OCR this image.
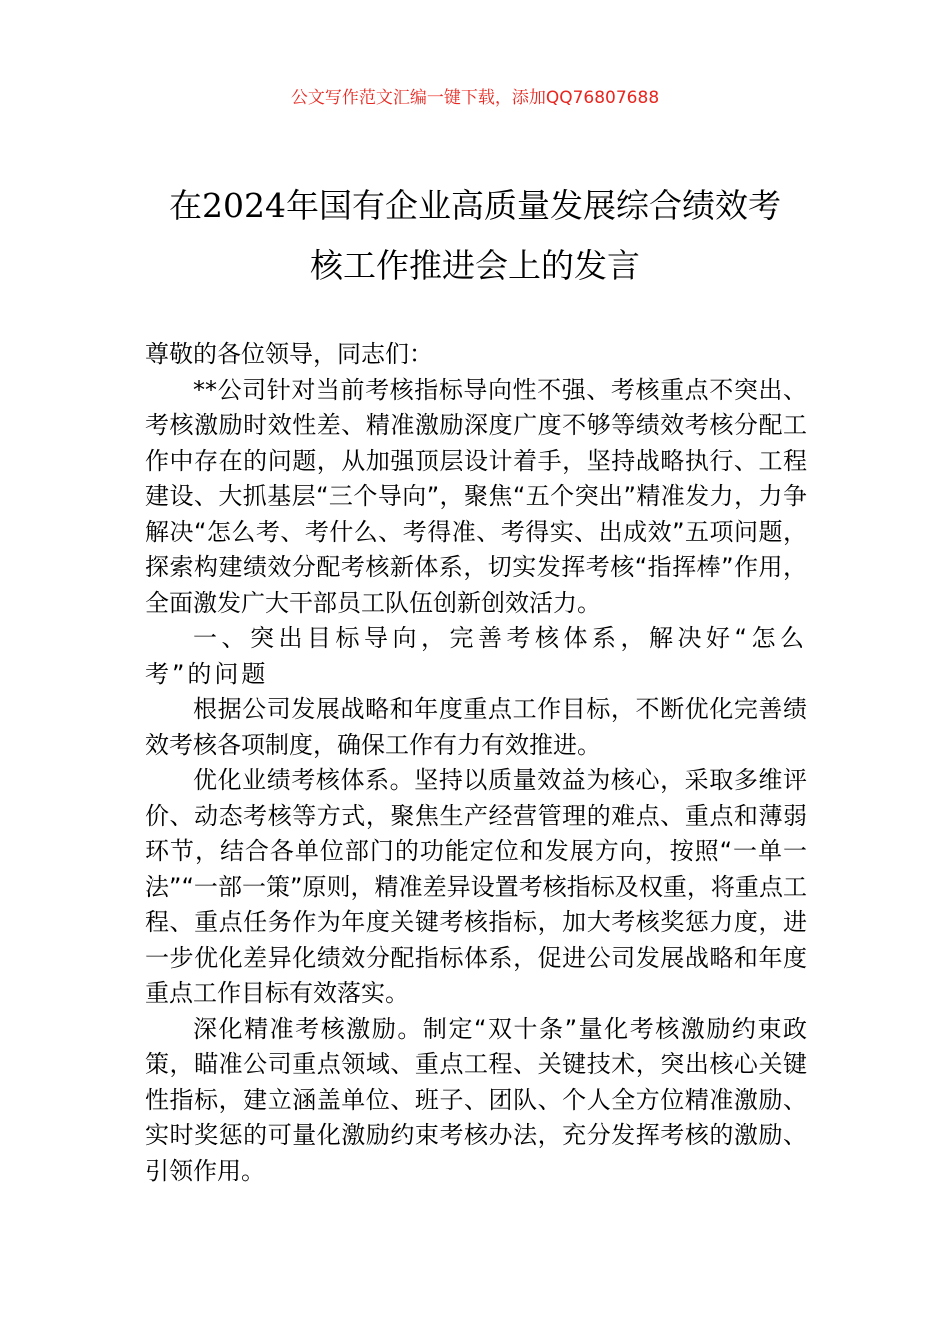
公文写作范文汇编一键下载，添加QQ76807688
在2024年国有企业高质量发展综合绩效考
核工作推进会上的发言

尊敬的各位领导，同志们：

**公司针对当前考核指标导向性不强、考核重点不突出、考核激励时效性差、精准激励深度广度不够等绩效考核分配工作中存在的问题，从加强顶层设计着手，坚持战略执行、工程建设、大抓基层“三个导向”，聚焦“五个突出”精准发力，力争解决“怎么考、考什么、考得准、考得实、出成效”五项问题，探索构建绩效分配考核新体系，切实发挥考核“指挥棒”作用，全面激发广大干部员工队伍创新创效活力。

一、突出目标导向，完善考核体系，解决好“怎么考”的问题

根据公司发展战略和年度重点工作目标，不断优化完善绩效考核各项制度，确保工作有力有效推进。

优化业绩考核体系。坚持以质量效益为核心，采取多维评价、动态考核等方式，聚焦生产经营管理的难点、重点和薄弱环节，结合各单位部门的功能定位和发展方向，按照“一单一法”“一部一策”原则，精准差异设置考核指标及权重，将重点工程、重点任务作为年度关键考核指标，加大考核奖惩力度，进一步优化差异化绩效分配指标体系，促进公司发展战略和年度重点工作目标有效落实。

深化精准考核激励。制定“双十条”量化考核激励约束政策，瞄准公司重点领域、重点工程、关键技术，突出核心关键性指标，建立涵盖单位、班子、团队、个人全方位精准激励、实时奖惩的可量化激励约束考核办法，充分发挥考核的激励、引领作用。
